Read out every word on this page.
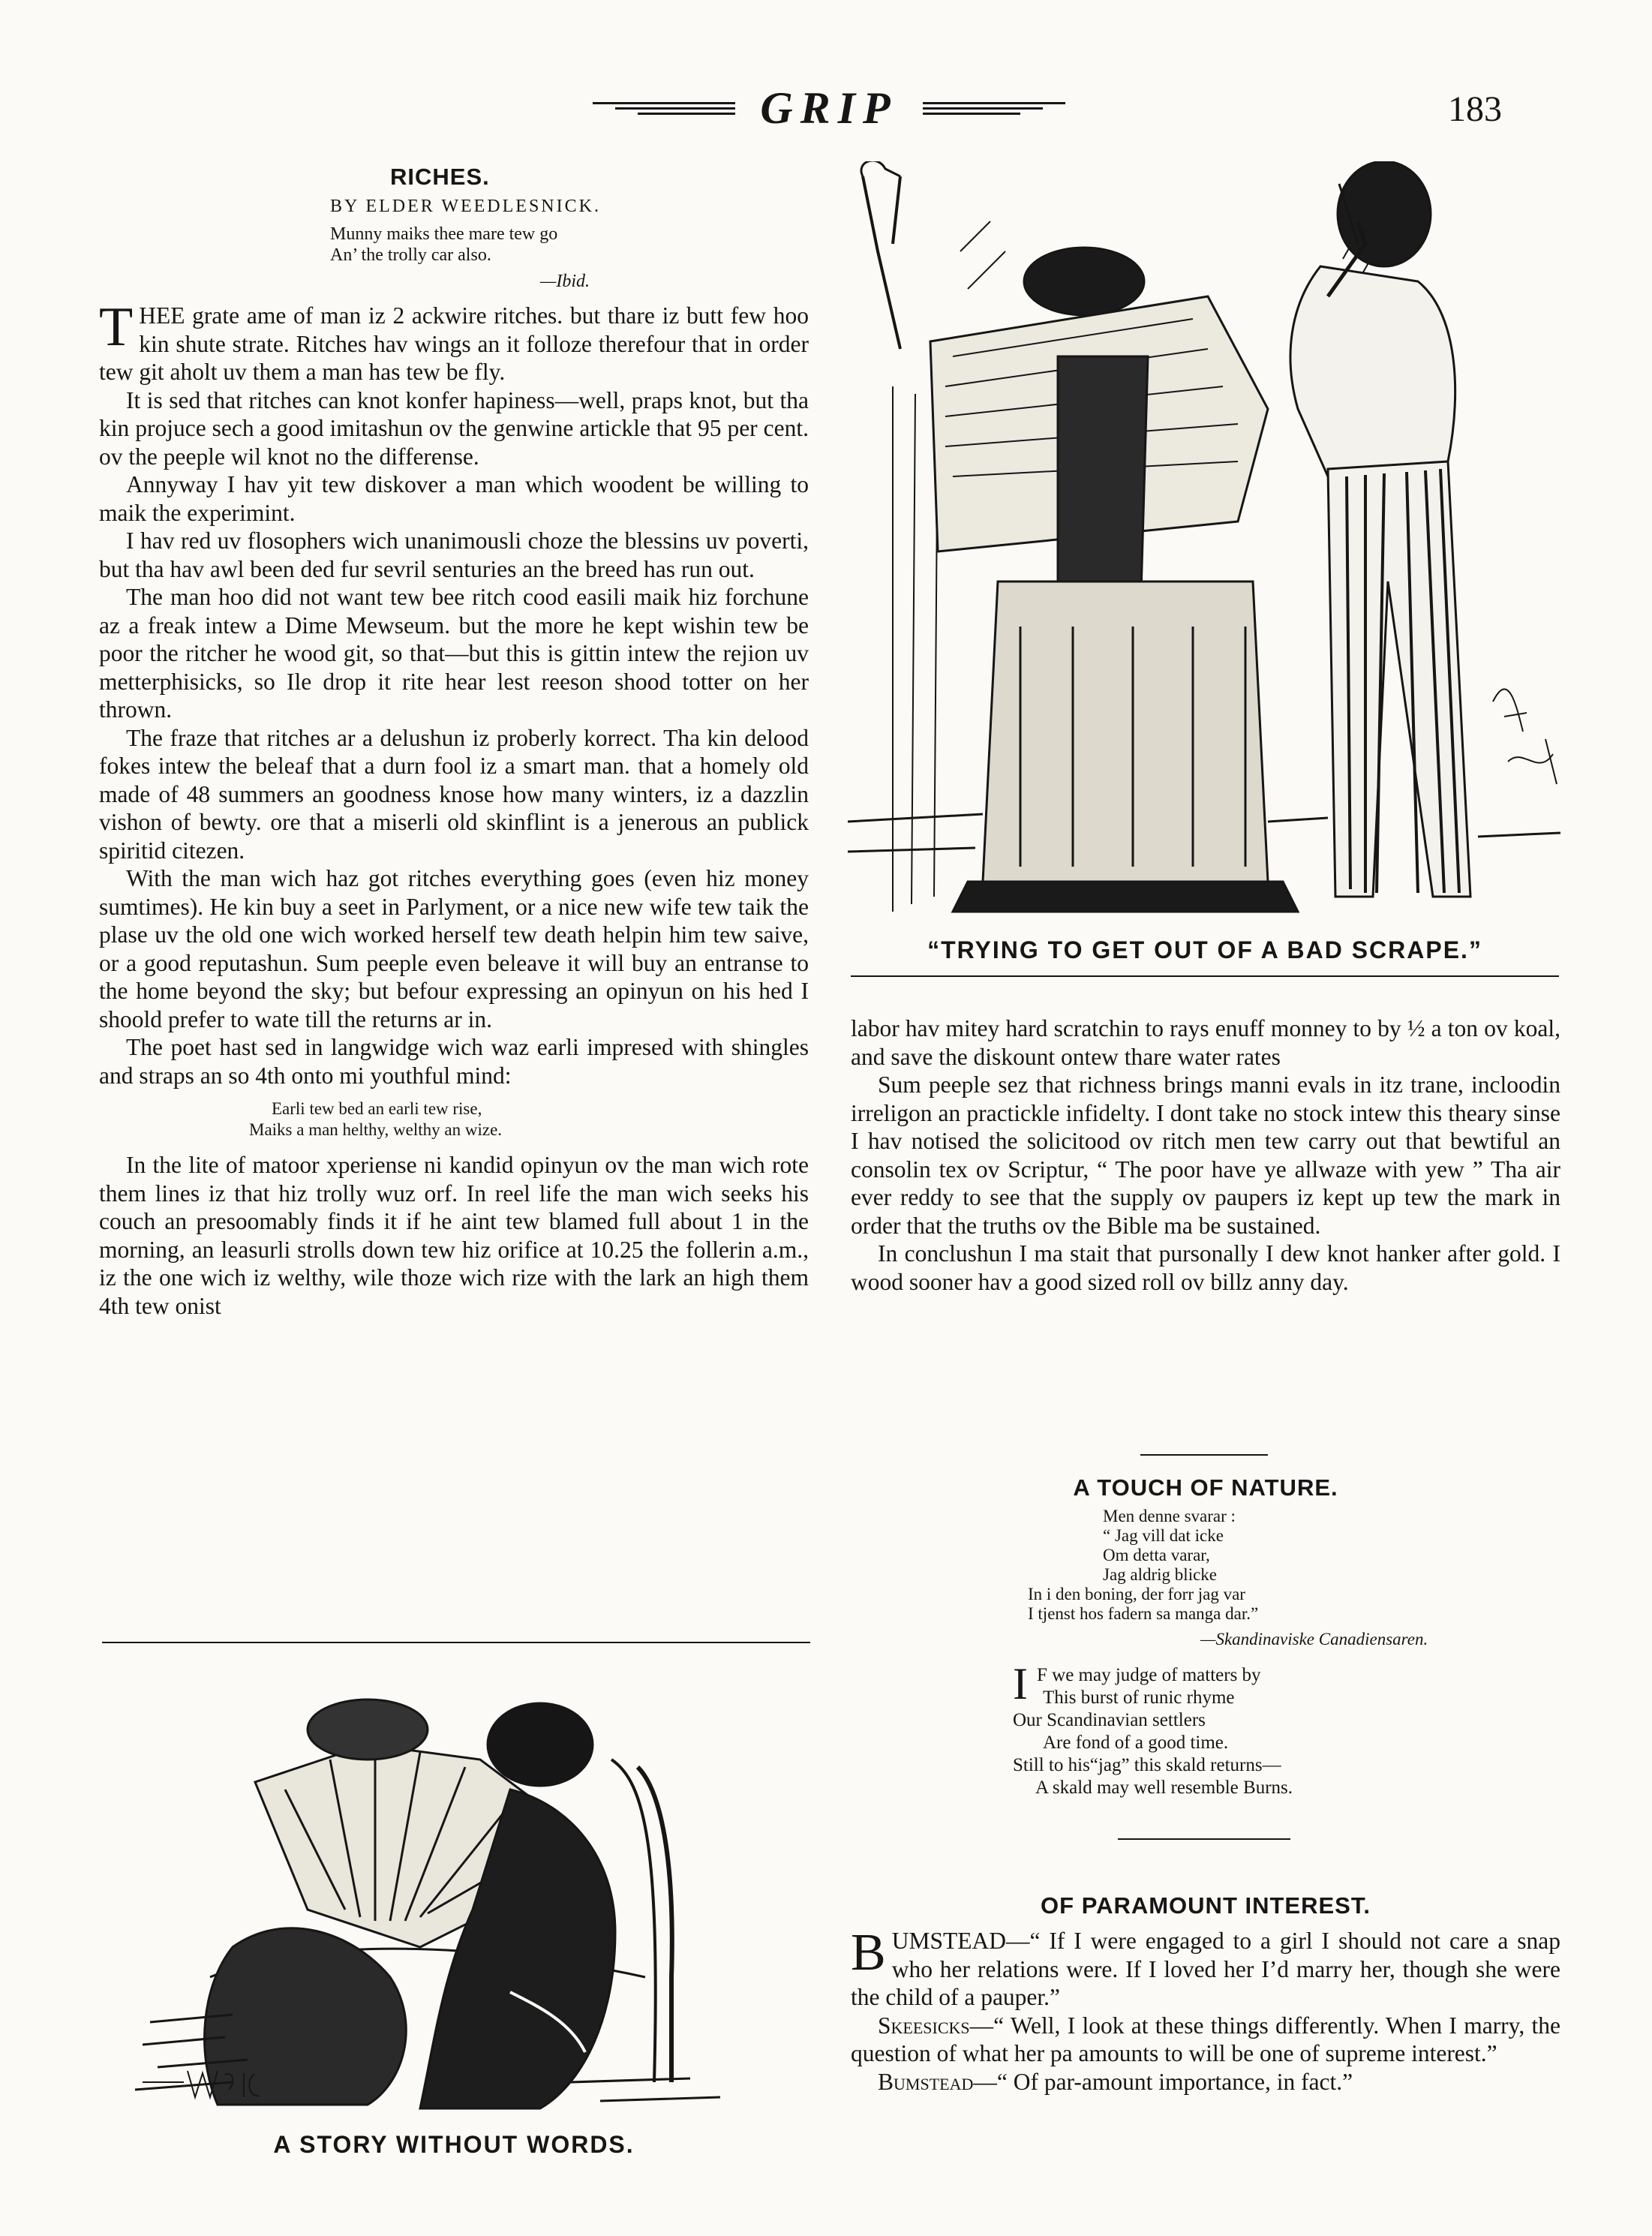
GRIP	183
RICHES.
BY ELDER WEEDLESNICK.
Munny maiks thee mare tew go
An’ the trolly car also.
—Ibid.

THEE grate ame of man iz 2 ackwire ritches. but thare iz butt few hoo kin shute strate. Ritches hav wings an it folloze therefour that in order tew git aholt uv them a man has tew be fly.

It is sed that ritches can knot konfer hapiness—well, praps knot, but tha kin projuce sech a good imitashun ov the genwine artickle that 95 per cent. ov the peeple wil knot no the differense.

Annyway I hav yit tew diskover a man which woodent be willing to maik the experimint.

I hav red uv flosophers wich unanimousli choze the blessins uv poverti, but tha hav awl been ded fur sevril senturies an the breed has run out.

The man hoo did not want tew bee ritch cood easili maik hiz forchune az a freak intew a Dime Mewseum. but the more he kept wishin tew be poor the ritcher he wood git, so that—but this is gittin intew the rejion uv metterphisicks, so Ile drop it rite hear lest reeson shood totter on her thrown.

The fraze that ritches ar a delushun iz proberly korrect. Tha kin delood fokes intew the beleaf that a durn fool iz a smart man. that a homely old made of 48 summers an goodness knose how many winters, iz a dazzlin vishon of bewty. ore that a miserli old skinflint is a jenerous an publick spiritid citezen.

With the man wich haz got ritches everything goes (even hiz money sumtimes). He kin buy a seet in Parlyment, or a nice new wife tew taik the plase uv the old one wich worked herself tew death helpin him tew saive, or a good reputashun. Sum peeple even beleave it will buy an entranse to the home beyond the sky; but befour expressing an opinyun on his hed I shoold prefer to wate till the returns ar in.

The poet hast sed in langwidge wich waz earli impresed with shingles and straps an so 4th onto mi youthful mind:

Earli tew bed an earli tew rise,
Maiks a man helthy, welthy an wize.

In the lite of matoor xperiense ni kandid opinyun ov the man wich rote them lines iz that hiz trolly wuz orf. In reel life the man wich seeks his couch an presoomably finds it if he aint tew blamed full about 1 in the morning, an leasurli strolls down tew hiz orifice at 10.25 the follerin a.m., iz the one wich iz welthy, wile thoze wich rize with the lark an high them 4th tew onist

A STORY WITHOUT WORDS.
“TRYING TO GET OUT OF A BAD SCRAPE.”

labor hav mitey hard scratchin to rays enuff monney to by ½ a ton ov koal, and save the diskount ontew thare water rates

Sum peeple sez that richness brings manni evals in itz trane, incloodin irreligon an practickle infidelty. I dont take no stock intew this theary sinse I hav notised the solicitood ov ritch men tew carry out that bewtiful an consolin tex ov Scriptur, “ The poor have ye allwaze with yew ” Tha air ever reddy to see that the supply ov paupers iz kept up tew the mark in order that the truths ov the Bible ma be sustained.

In conclushun I ma stait that pursonally I dew knot hanker after gold. I wood sooner hav a good sized roll ov billz anny day.

A TOUCH OF NATURE.
Men denne svarar :
“ Jag vill dat icke
Om detta varar,
Jag aldrig blicke
In i den boning, der forr jag var
I tjenst hos fadern sa manga dar.”
—Skandinaviske Canadiensaren.
I F we may judge of matters by
This burst of runic rhyme
Our Scandinavian settlers
Are fond of a good time.
Still to his“jag” this skald returns—
A skald may well resemble Burns.
OF PARAMOUNT INTEREST.

BUMSTEAD—“ If I were engaged to a girl I should not care a snap who her relations were. If I loved her I’d marry her, though she were the child of a pauper.”

Skeesicks—“ Well, I look at these things differently. When I marry, the question of what her pa amounts to will be one of supreme interest.”

Bumstead—“ Of par-amount importance, in fact.”
